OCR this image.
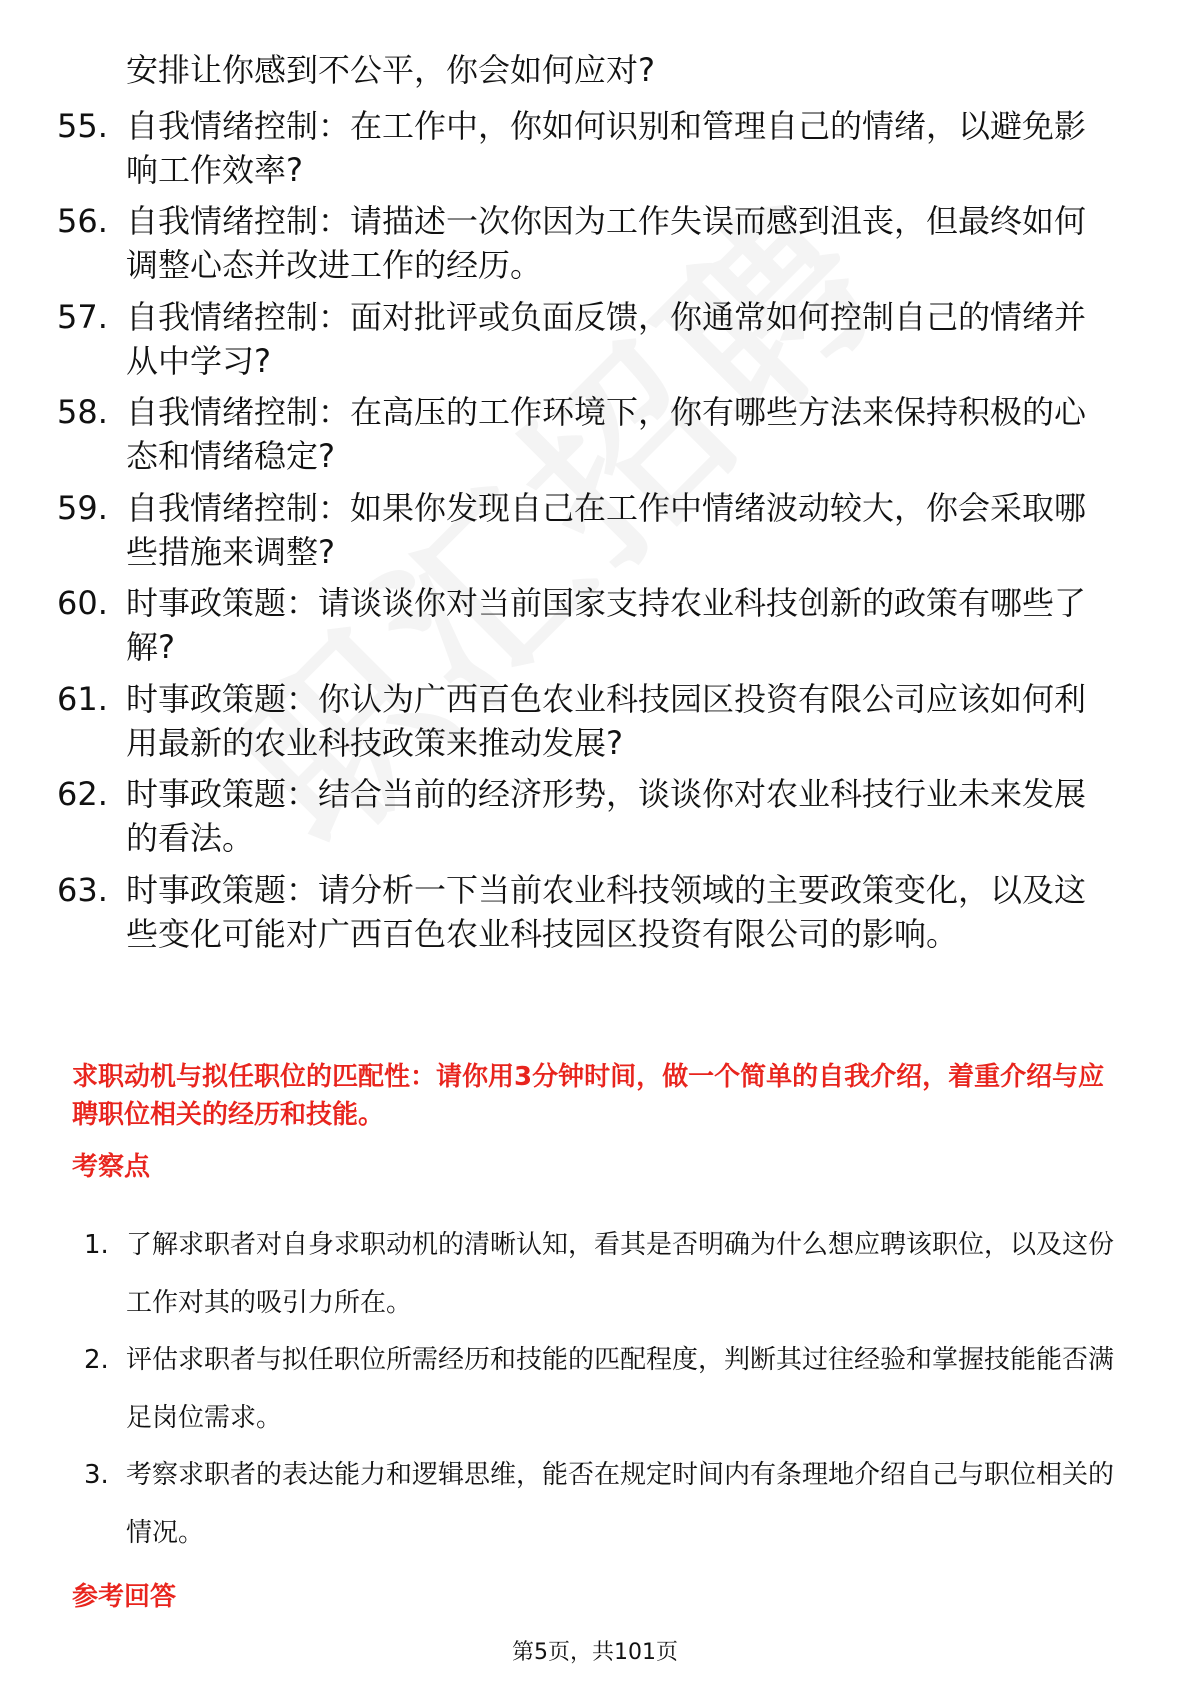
安排让你感到不公平，你会如何应对?

55. 自我情绪控制：在工作中，你如何识别和管理自己的情绪，以避免影响工作效率?
56. 自我情绪控制：请描述一次你因为工作失误而感到沮丧，但最终如何调整心态并改进工作的经历。
57. 自我情绪控制：面对批评或负面反馈，你通常如何控制自己的情绪并从中学习?
58. 自我情绪控制：在高压的工作环境下，你有哪些方法来保持积极的心态和情绪稳定?
59. 自我情绪控制：如果你发现自己在工作中情绪波动较大，你会采取哪些措施来调整?
60. 时事政策题：请谈谈你对当前国家支持农业科技创新的政策有哪些了解?
61. 时事政策题：你认为广西百色农业科技园区投资有限公司应该如何利用最新的农业科技政策来推动发展?
62. 时事政策题：结合当前的经济形势，谈谈你对农业科技行业未来发展的看法。
63. 时事政策题：请分析一下当前农业科技领域的主要政策变化，以及这些变化可能对广西百色农业科技园区投资有限公司的影响。
求职动机与拟任职位的匹配性：请你用3分钟时间，做一个简单的自我介绍，着重介绍与应聘职位相关的经历和技能。
考察点
1. 了解求职者对自身求职动机的清晰认知，看其是否明确为什么想应聘该职位，以及这份工作对其的吸引力所在。
2. 评估求职者与拟任职位所需经历和技能的匹配程度，判断其过往经验和掌握技能能否满足岗位需求。
3. 考察求职者的表达能力和逻辑思维，能否在规定时间内有条理地介绍自己与职位相关的情况。
参考回答
第5页，共101页
